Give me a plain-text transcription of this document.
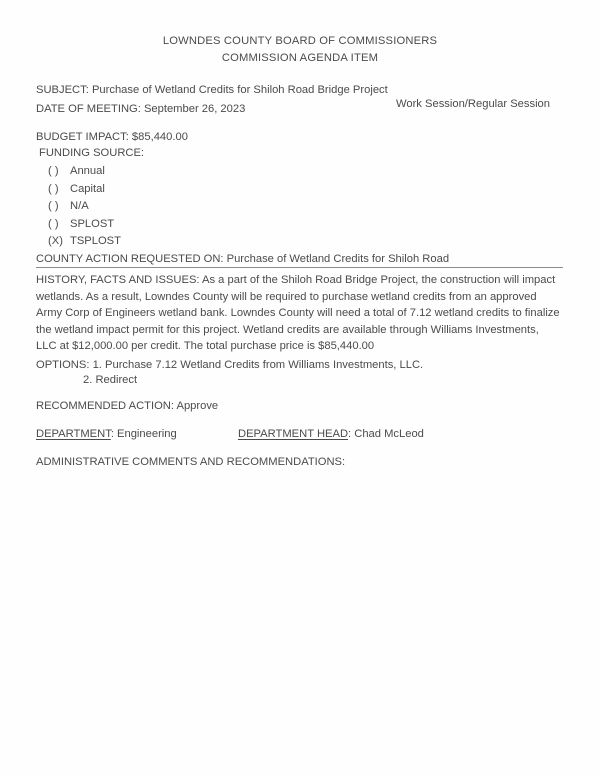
LOWNDES COUNTY BOARD OF COMMISSIONERS
COMMISSION AGENDA ITEM
SUBJECT: Purchase of Wetland Credits for Shiloh Road Bridge Project
DATE OF MEETING: September 26, 2023	Work Session/Regular Session
BUDGET IMPACT: $85,440.00
FUNDING SOURCE:
( )	Annual
( )	Capital
( )	N/A
( )	SPLOST
(X) TSPLOST
COUNTY ACTION REQUESTED ON: Purchase of Wetland Credits for Shiloh Road
HISTORY, FACTS AND ISSUES: As a part of the Shiloh Road Bridge Project, the construction will impact wetlands. As a result, Lowndes County will be required to purchase wetland credits from an approved Army Corp of Engineers wetland bank. Lowndes County will need a total of 7.12 wetland credits to finalize the wetland impact permit for this project. Wetland credits are available through Williams Investments, LLC at $12,000.00 per credit. The total purchase price is $85,440.00
OPTIONS: 1. Purchase 7.12 Wetland Credits from Williams Investments, LLC.
2. Redirect
RECOMMENDED ACTION: Approve
DEPARTMENT: Engineering	DEPARTMENT HEAD: Chad McLeod
ADMINISTRATIVE COMMENTS AND RECOMMENDATIONS:
